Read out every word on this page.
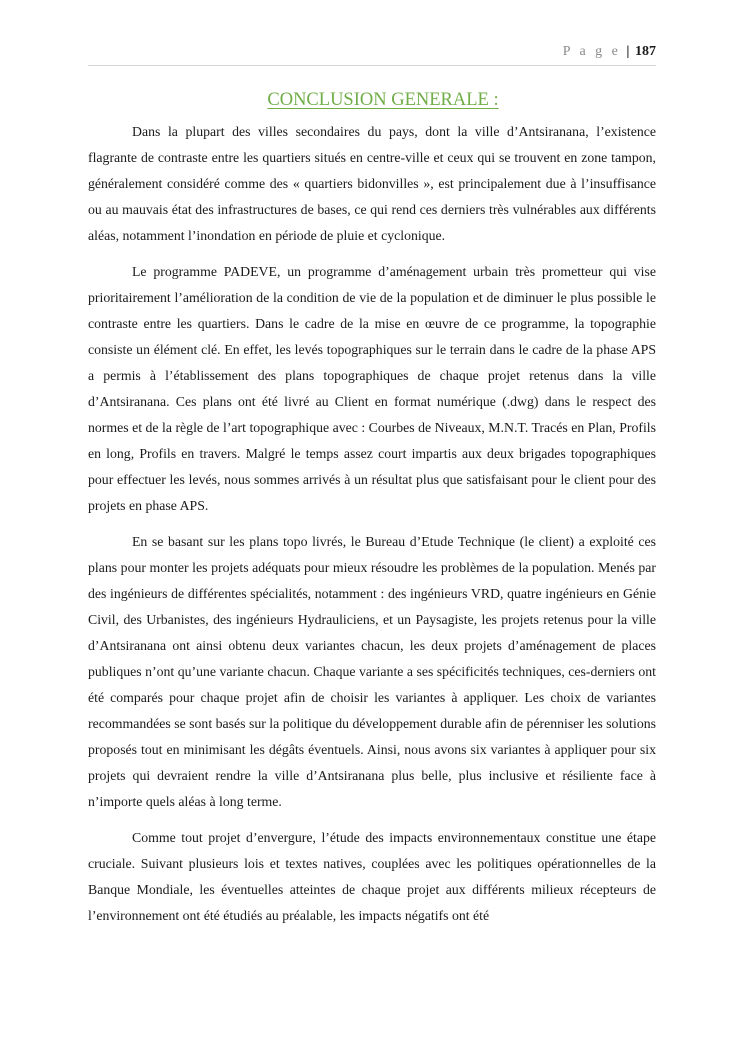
P a g e | 187
CONCLUSION GENERALE :

Dans la plupart des villes secondaires du pays, dont la ville d’Antsiranana, l’existence flagrante de contraste entre les quartiers situés en centre-ville et ceux qui se trouvent en zone tampon, généralement considéré comme des « quartiers bidonvilles », est principalement due à l’insuffisance ou au mauvais état des infrastructures de bases, ce qui rend ces derniers très vulnérables aux différents aléas, notamment l’inondation en période de pluie et cyclonique.

Le programme PADEVE, un programme d’aménagement urbain très prometteur qui vise prioritairement l’amélioration de la condition de vie de la population et de diminuer le plus possible le contraste entre les quartiers. Dans le cadre de la mise en œuvre de ce programme, la topographie consiste un élément clé. En effet, les levés topographiques sur le terrain dans le cadre de la phase APS a permis à l’établissement des plans topographiques de chaque projet retenus dans la ville d’Antsiranana. Ces plans ont été livré au Client en format numérique (.dwg) dans le respect des normes et de la règle de l’art topographique avec : Courbes de Niveaux, M.N.T. Tracés en Plan, Profils en long, Profils en travers. Malgré le temps assez court impartis aux deux brigades topographiques pour effectuer les levés, nous sommes arrivés à un résultat plus que satisfaisant pour le client pour des projets en phase APS.

En se basant sur les plans topo livrés, le Bureau d’Etude Technique (le client) a exploité ces plans pour monter les projets adéquats pour mieux résoudre les problèmes de la population. Menés par des ingénieurs de différentes spécialités, notamment : des ingénieurs VRD, quatre ingénieurs en Génie Civil, des Urbanistes, des ingénieurs Hydrauliciens, et un Paysagiste, les projets retenus pour la ville d’Antsiranana ont ainsi obtenu deux variantes chacun, les deux projets d’aménagement de places publiques n’ont qu’une variante chacun. Chaque variante a ses spécificités techniques, ces-derniers ont été comparés pour chaque projet afin de choisir les variantes à appliquer. Les choix de variantes recommandées se sont basés sur la politique du développement durable afin de pérenniser les solutions proposés tout en minimisant les dégâts éventuels. Ainsi, nous avons six variantes à appliquer pour six projets qui devraient rendre la ville d’Antsiranana plus belle, plus inclusive et résiliente face à n’importe quels aléas à long terme.

Comme tout projet d’envergure, l’étude des impacts environnementaux constitue une étape cruciale. Suivant plusieurs lois et textes natives, couplées avec les politiques opérationnelles de la Banque Mondiale, les éventuelles atteintes de chaque projet aux différents milieux récepteurs de l’environnement ont été étudiés au préalable, les impacts négatifs ont été
